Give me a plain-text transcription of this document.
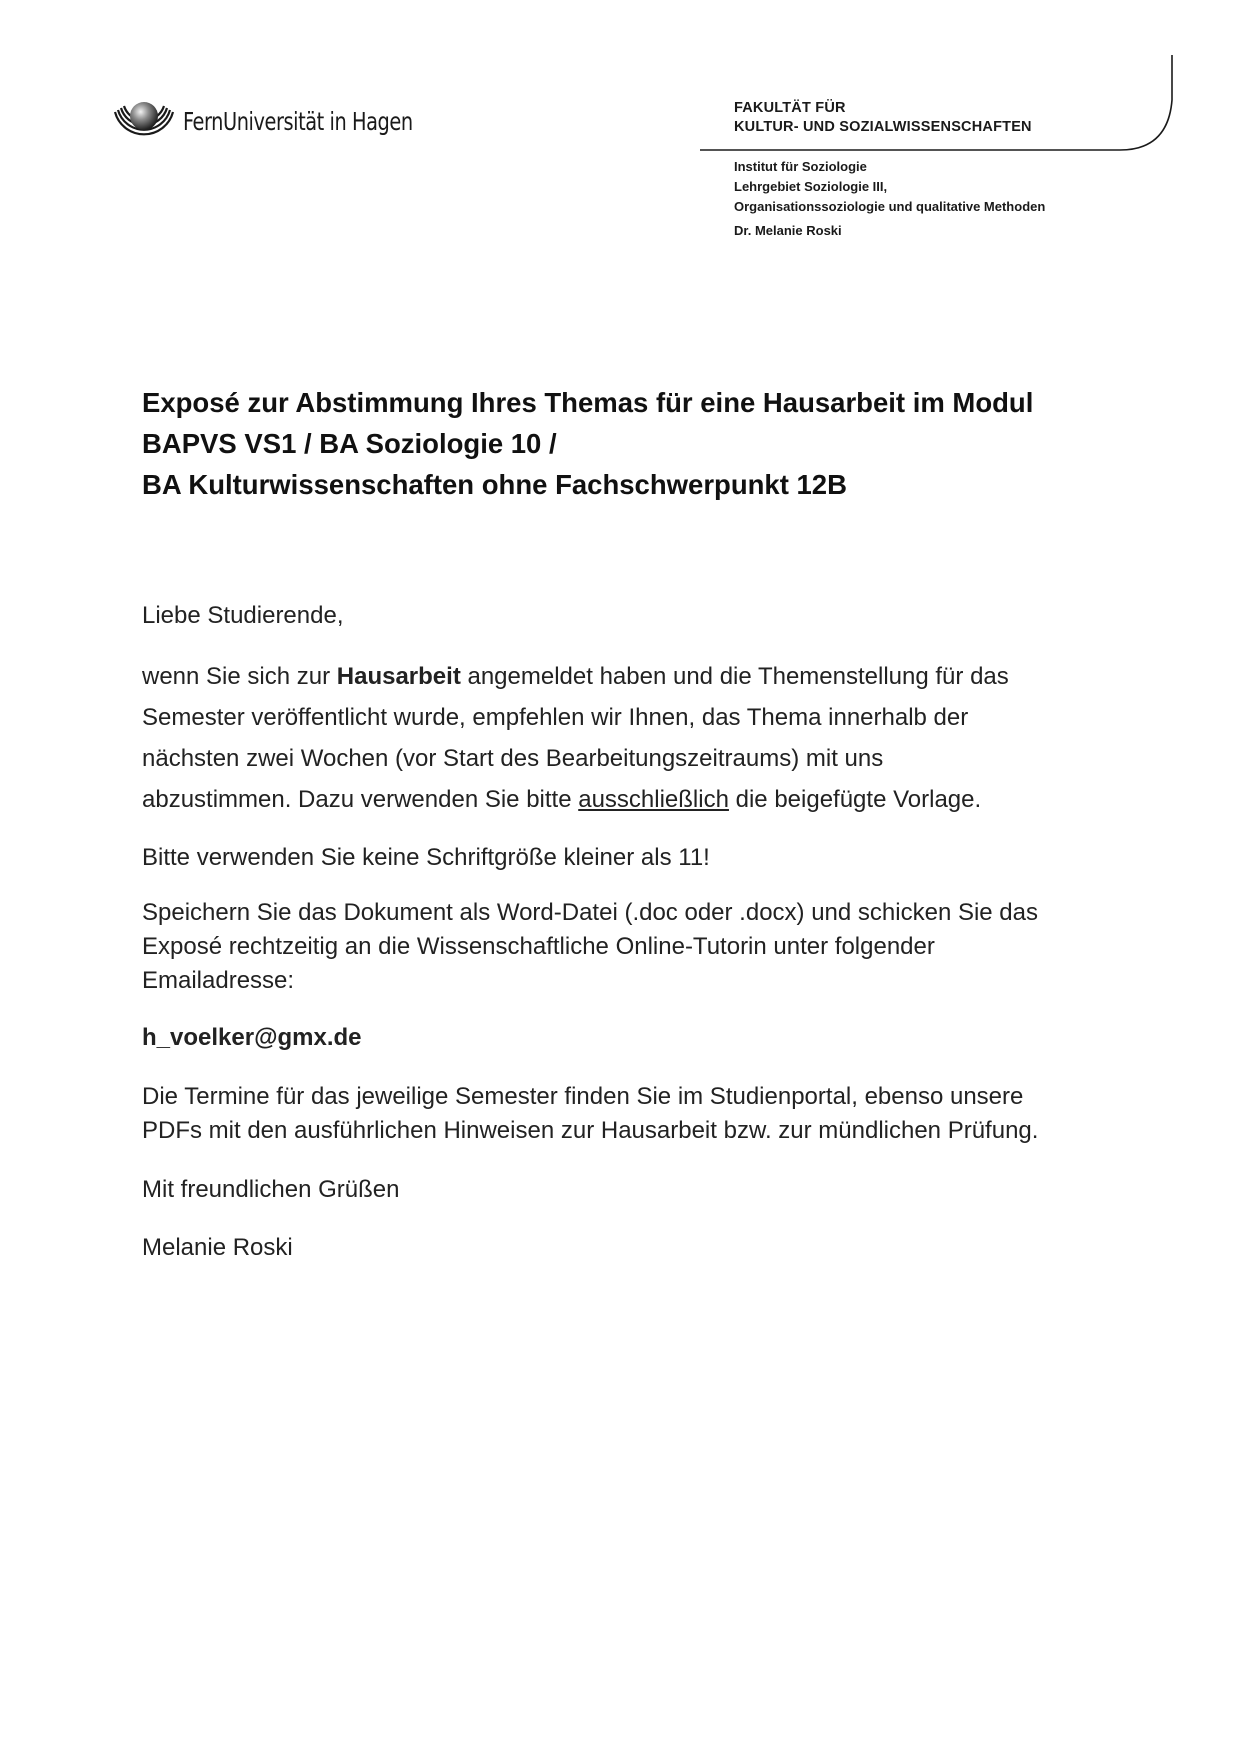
FernUniversität in Hagen	FAKULTÄT FÜR
KULTUR- UND SOZIALWISSENSCHAFTEN
Institut für Soziologie
Lehrgebiet Soziologie III,
Organisationssoziologie und qualitative Methoden
Dr. Melanie Roski
Exposé zur Abstimmung Ihres Themas für eine Hausarbeit im Modul
BAPVS VS1 / BA Soziologie 10 /
BA Kulturwissenschaften ohne Fachschwerpunkt 12B
Liebe Studierende,
wenn Sie sich zur Hausarbeit angemeldet haben und die Themenstellung für das
Semester veröffentlicht wurde, empfehlen wir Ihnen, das Thema innerhalb der
nächsten zwei Wochen (vor Start des Bearbeitungszeitraums) mit uns
abzustimmen. Dazu verwenden Sie bitte ausschließlich die beigefügte Vorlage.
Bitte verwenden Sie keine Schriftgröße kleiner als 11!
Speichern Sie das Dokument als Word-Datei (.doc oder .docx) und schicken Sie das
Exposé rechtzeitig an die Wissenschaftliche Online-Tutorin unter folgender
Emailadresse:
h_voelker@gmx.de
Die Termine für das jeweilige Semester finden Sie im Studienportal, ebenso unsere
PDFs mit den ausführlichen Hinweisen zur Hausarbeit bzw. zur mündlichen Prüfung.
Mit freundlichen Grüßen
Melanie Roski
